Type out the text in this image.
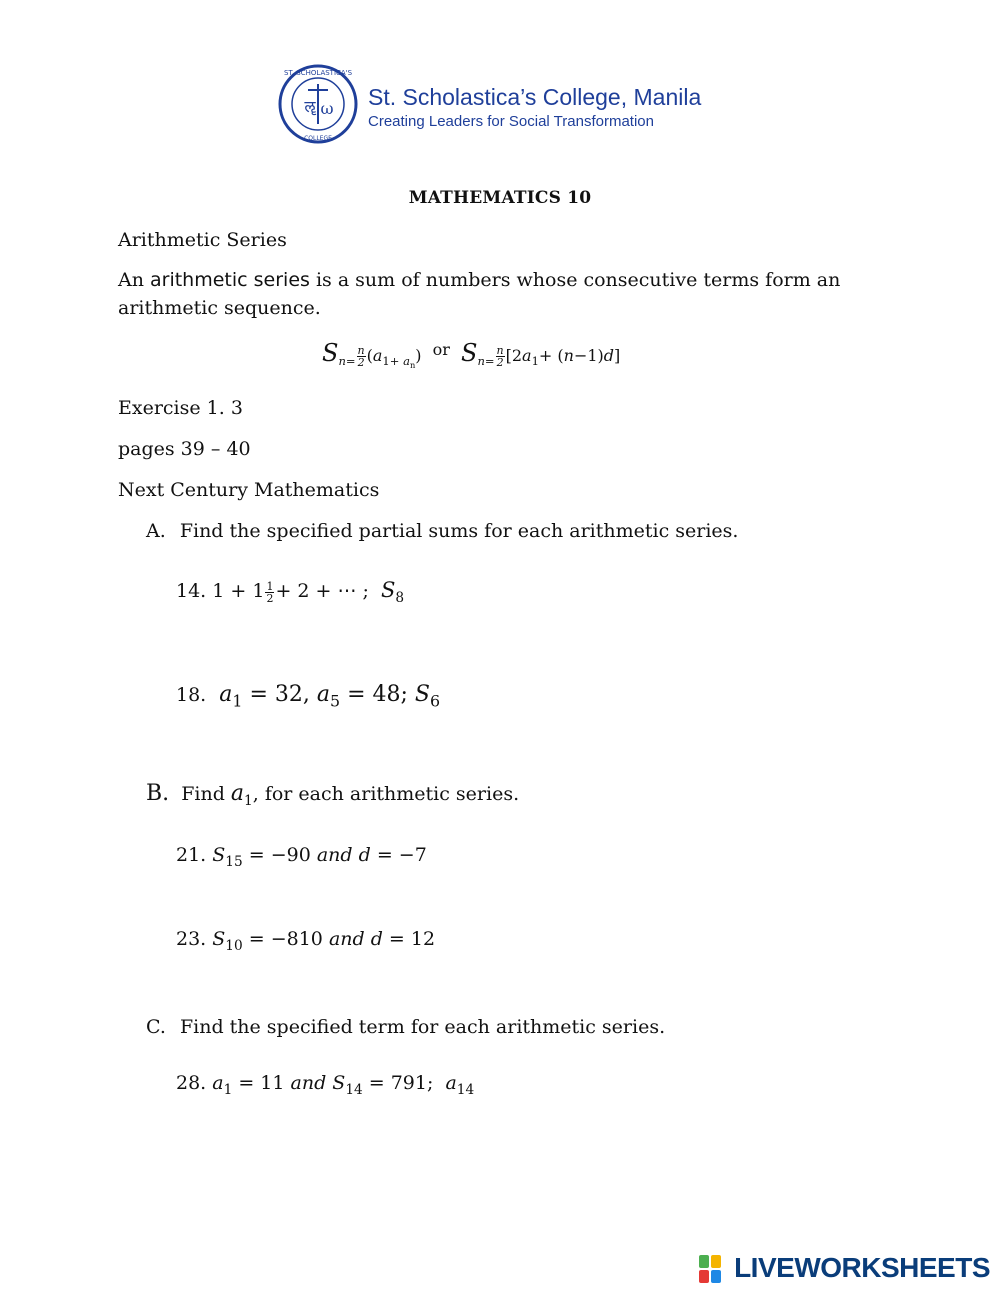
ST. SCHOLASTICA'S
COLLEGE
ॡ ω St. Scholastica’s College, Manila
Creating Leaders for Social Transformation
MATHEMATICS 10
Arithmetic Series
An arithmetic series is a sum of numbers whose consecutive terms form an
arithmetic sequence.
$S_{n=} \frac{n}{2} (a_{1+ a_n})$ or $S_{n=} \frac{n}{2} [2a_1+ (n-1)d]$
Exercise 1. 3
pages 39 – 40
Next Century Mathematics
A. Find the specified partial sums for each arithmetic series.
14. $1 + 1 \frac{1}{2} + 2$ + ⋯ ;  $S_8$
18. $a_1 = 32$, $a_5 = 48$; $S_6$
B. Find $a_1$, for each arithmetic series.
21. $S_{15} = -90$ and d = −7
23. $S_{10} = -810$ and d = 12
C. Find the specified term for each arithmetic series.
28. $a_1 = 11$ and $S_{14} = 791$;  $a_{14}$
LIVEWORKSHEETS
